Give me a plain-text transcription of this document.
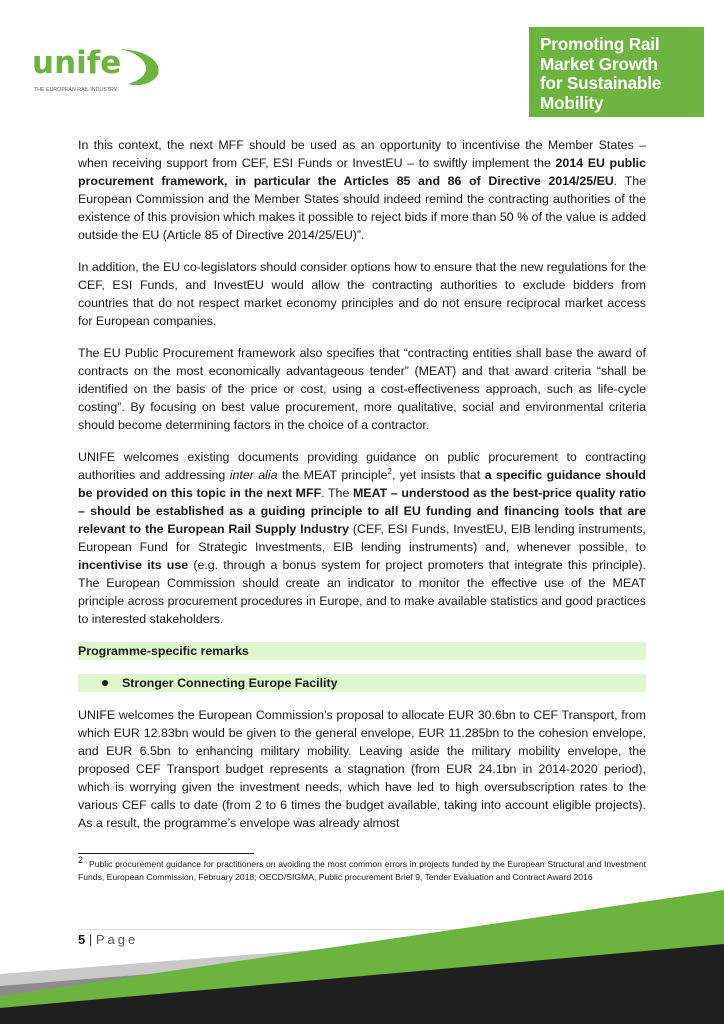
unife
THE EUROPEAN RAIL INDUSTRY
Promoting Rail
Market Growth
for Sustainable
Mobility

In this context, the next MFF should be used as an opportunity to incentivise the Member States – when receiving support from CEF, ESI Funds or InvestEU – to swiftly implement the 2014 EU public procurement framework, in particular the Articles 85 and 86 of Directive 2014/25/EU. The European Commission and the Member States should indeed remind the contracting authorities of the existence of this provision which makes it possible to reject bids if more than 50 % of the value is added outside the EU (Article 85 of Directive 2014/25/EU)”.

In addition, the EU co-legislators should consider options how to ensure that the new regulations for the CEF, ESI Funds, and InvestEU would allow the contracting authorities to exclude bidders from countries that do not respect market economy principles and do not ensure reciprocal market access for European companies.

The EU Public Procurement framework also specifies that “contracting entities shall base the award of contracts on the most economically advantageous tender” (MEAT) and that award criteria “shall be identified on the basis of the price or cost, using a cost-effectiveness approach, such as life-cycle costing”. By focusing on best value procurement, more qualitative, social and environmental criteria should become determining factors in the choice of a contractor.

UNIFE welcomes existing documents providing guidance on public procurement to contracting authorities and addressing inter alia the MEAT principle$^2$, yet insists that a specific guidance should be provided on this topic in the next MFF. The MEAT – understood as the best-price quality ratio – should be established as a guiding principle to all EU funding and financing tools that are relevant to the European Rail Supply Industry (CEF, ESI Funds, InvestEU, EIB lending instruments, European Fund for Strategic Investments, EIB lending instruments) and, whenever possible, to incentivise its use (e.g. through a bonus system for project promoters that integrate this principle). The European Commission should create an indicator to monitor the effective use of the MEAT principle across procurement procedures in Europe, and to make available statistics and good practices to interested stakeholders.

Programme-specific remarks
Stronger Connecting Europe Facility

UNIFE welcomes the European Commission’s proposal to allocate EUR 30.6bn to CEF Transport, from which EUR 12.83bn would be given to the general envelope, EUR 11.285bn to the cohesion envelope, and EUR 6.5bn to enhancing military mobility. Leaving aside the military mobility envelope, the proposed CEF Transport budget represents a stagnation (from EUR 24.1bn in 2014-2020 period), which is worrying given the investment needs, which have led to high oversubscription rates to the various CEF calls to date (from 2 to 6 times the budget available, taking into account eligible projects). As a result, the programme’s envelope was already almost

$^2$ Public procurement guidance for practitioners on avoiding the most common errors in projects funded by the European Structural and Investment Funds, European Commission, February 2018; OECD/SIGMA, Public procurement Brief 9, Tender Evaluation and Contract Award 2016
5 | Page
